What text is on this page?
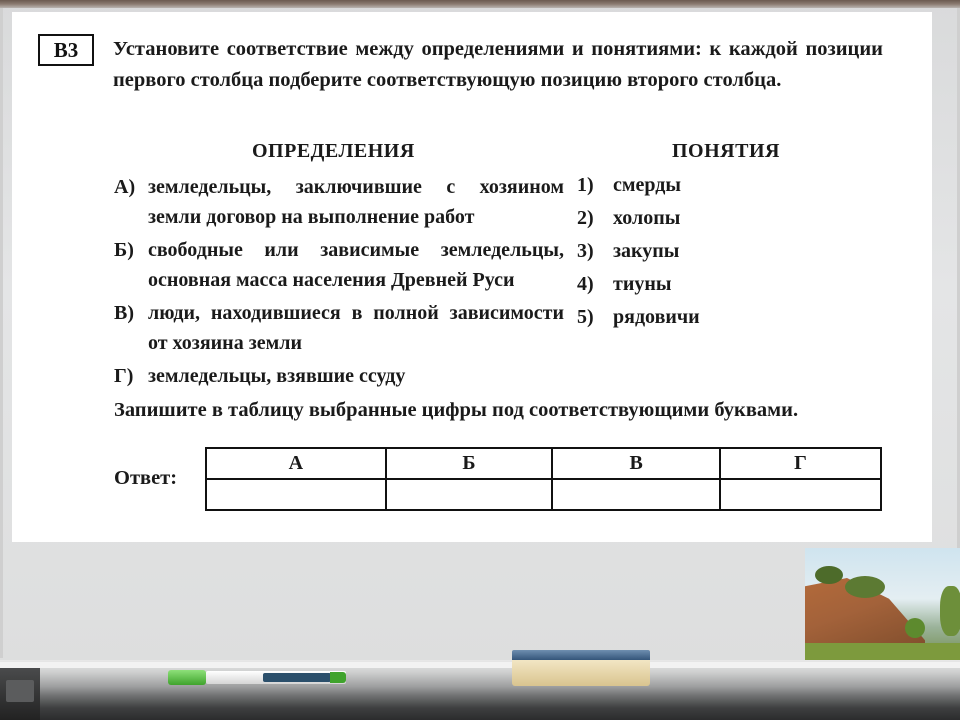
В3	Установите соответствие между определениями и понятиями: к каждой позиции первого столбца подберите соответствующую позицию второго столбца.
ОПРЕДЕЛЕНИЯ	ПОНЯТИЯ
А) земледельцы, заключившие с хозяином земли договор на выполнение работ
Б) свободные или зависимые земледельцы, основная масса населения Древней Руси
В) люди, находившиеся в полной зависимости от хозяина земли
Г) земледельцы, взявшие ссуду
1) смерды
2) холопы
3) закупы
4) тиуны
5) рядовичи
Запишите в таблицу выбранные цифры под соответствующими буквами.
Ответ:
А	Б	В	Г
